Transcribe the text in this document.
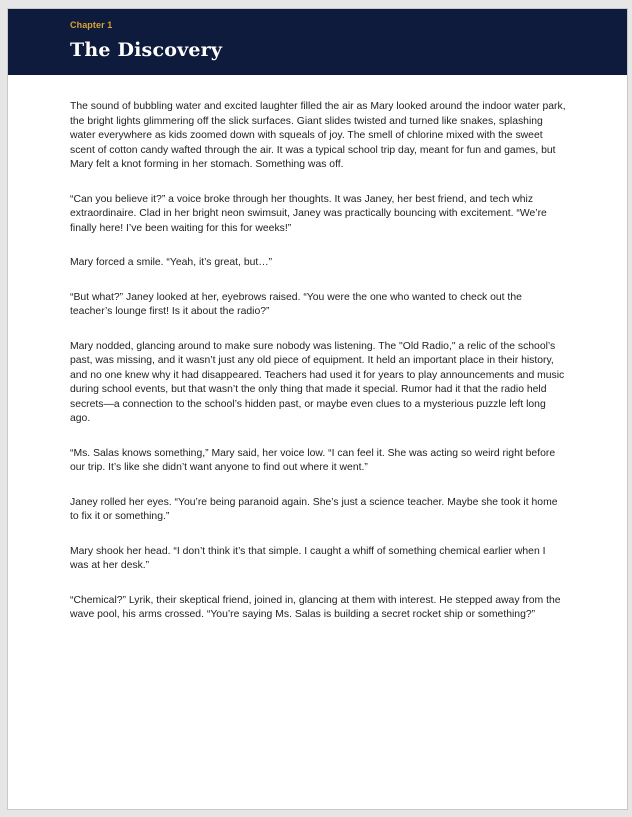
Chapter 1
The Discovery

The sound of bubbling water and excited laughter filled the air as Mary looked around the indoor water park, the bright lights glimmering off the slick surfaces. Giant slides twisted and turned like snakes, splashing water everywhere as kids zoomed down with squeals of joy. The smell of chlorine mixed with the sweet scent of cotton candy wafted through the air. It was a typical school trip day, meant for fun and games, but Mary felt a knot forming in her stomach. Something was off.

“Can you believe it?” a voice broke through her thoughts. It was Janey, her best friend, and tech whiz extraordinaire. Clad in her bright neon swimsuit, Janey was practically bouncing with excitement. “We’re finally here! I’ve been waiting for this for weeks!”

Mary forced a smile. “Yeah, it’s great, but…”

“But what?” Janey looked at her, eyebrows raised. “You were the one who wanted to check out the teacher’s lounge first! Is it about the radio?”

Mary nodded, glancing around to make sure nobody was listening. The "Old Radio," a relic of the school’s past, was missing, and it wasn’t just any old piece of equipment. It held an important place in their history, and no one knew why it had disappeared. Teachers had used it for years to play announcements and music during school events, but that wasn’t the only thing that made it special. Rumor had it that the radio held secrets—a connection to the school’s hidden past, or maybe even clues to a mysterious puzzle left long ago.

“Ms. Salas knows something,” Mary said, her voice low. “I can feel it. She was acting so weird right before our trip. It’s like she didn’t want anyone to find out where it went.”

Janey rolled her eyes. “You’re being paranoid again. She’s just a science teacher. Maybe she took it home to fix it or something.”

Mary shook her head. “I don’t think it’s that simple. I caught a whiff of something chemical earlier when I was at her desk.”

“Chemical?” Lyrik, their skeptical friend, joined in, glancing at them with interest. He stepped away from the wave pool, his arms crossed. “You’re saying Ms. Salas is building a secret rocket ship or something?”
